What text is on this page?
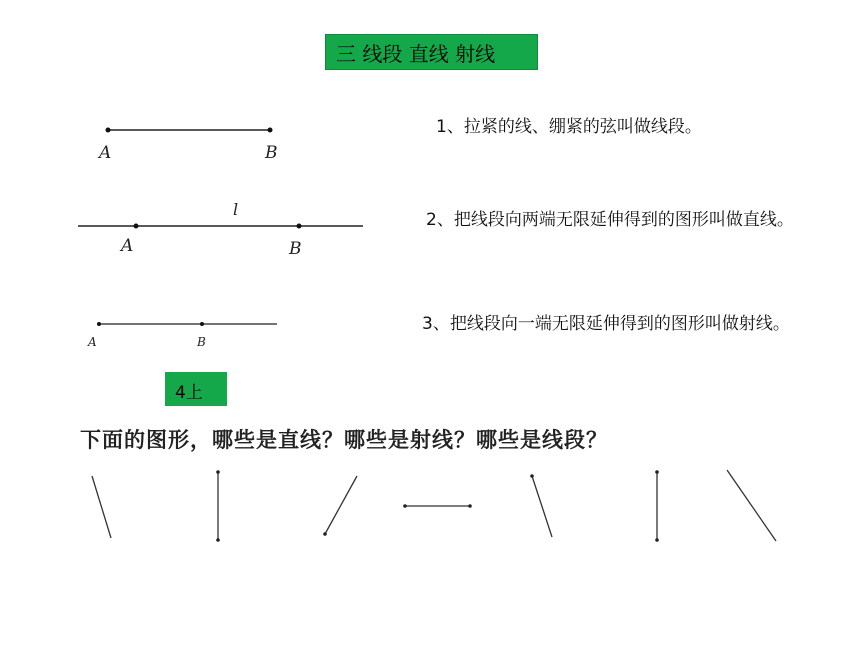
三 线段 直线 射线
A	B
l
A	B
A	B
1、拉紧的线、绷紧的弦叫做线段。
2、把线段向两端无限延伸得到的图形叫做直线。
3、把线段向一端无限延伸得到的图形叫做射线。
4上
下面的图形，哪些是直线？哪些是射线？哪些是线段？
